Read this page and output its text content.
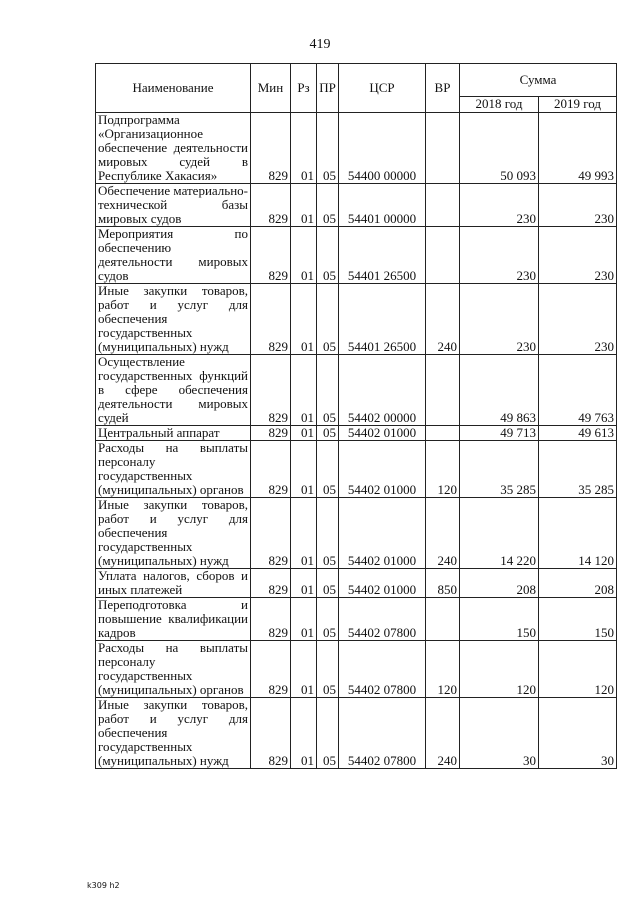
419
Наименование	Мин	Рз	ПР	ЦСР	ВР	Сумма	
						2018 год	2019 год
Подпрограмма «Организационное обеспечение деятельности мировых судей в Республике Хакасия»	829	01	05	54400 00000		50 093	49 993
Обеспечение материально-технической базы мировых судов	829	01	05	54401 00000		230	230
Мероприятия по обеспечению деятельности мировых судов	829	01	05	54401 26500		230	230
Иные закупки товаров, работ и услуг для обеспечения государственных (муниципальных) нужд	829	01	05	54401 26500	240	230	230
Осуществление государственных функций в сфере обеспечения деятельности мировых судей	829	01	05	54402 00000		49 863	49 763
Центральный аппарат	829	01	05	54402 01000		49 713	49 613
Расходы на выплаты персоналу государственных (муниципальных) органов	829	01	05	54402 01000	120	35 285	35 285
Иные закупки товаров, работ и услуг для обеспечения государственных (муниципальных) нужд	829	01	05	54402 01000	240	14 220	14 120
Уплата налогов, сборов и иных платежей	829	01	05	54402 01000	850	208	208
Переподготовка и повышение квалификации кадров	829	01	05	54402 07800		150	150
Расходы на выплаты персоналу государственных (муниципальных) органов	829	01	05	54402 07800	120	120	120
Иные закупки товаров, работ и услуг для обеспечения государственных (муниципальных) нужд	829	01	05	54402 07800	240	30	30
k309 h2
